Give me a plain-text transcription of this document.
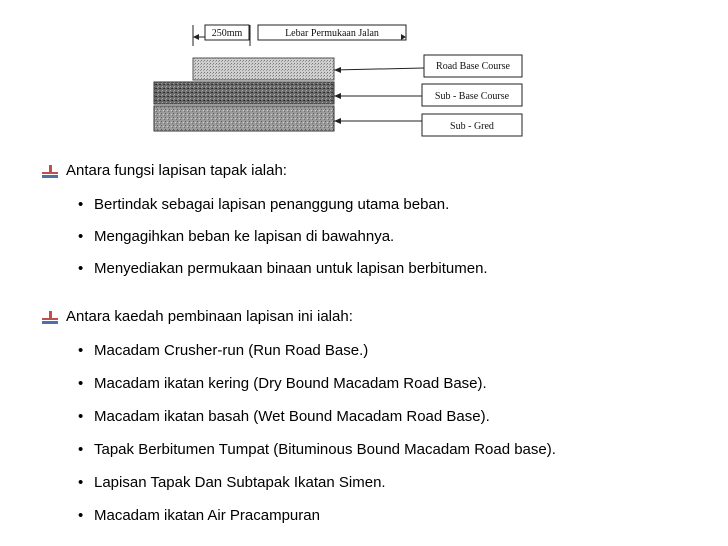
250mm	Lebar Permukaan Jalan
Road Base Course
Sub - Base Course
Sub - Gred
Antara fungsi lapisan tapak ialah:
• Bertindak sebagai lapisan penanggung utama beban.
• Mengagihkan beban ke lapisan di bawahnya.
• Menyediakan permukaan binaan untuk lapisan berbitumen.
Antara kaedah pembinaan lapisan ini ialah:
• Macadam Crusher-run (Run Road Base.)
• Macadam ikatan kering (Dry Bound Macadam Road Base).
• Macadam ikatan basah (Wet Bound Macadam Road Base).
• Tapak Berbitumen Tumpat (Bituminous Bound Macadam Road base).
• Lapisan Tapak Dan Subtapak Ikatan Simen.
• Macadam ikatan Air Pracampuran
